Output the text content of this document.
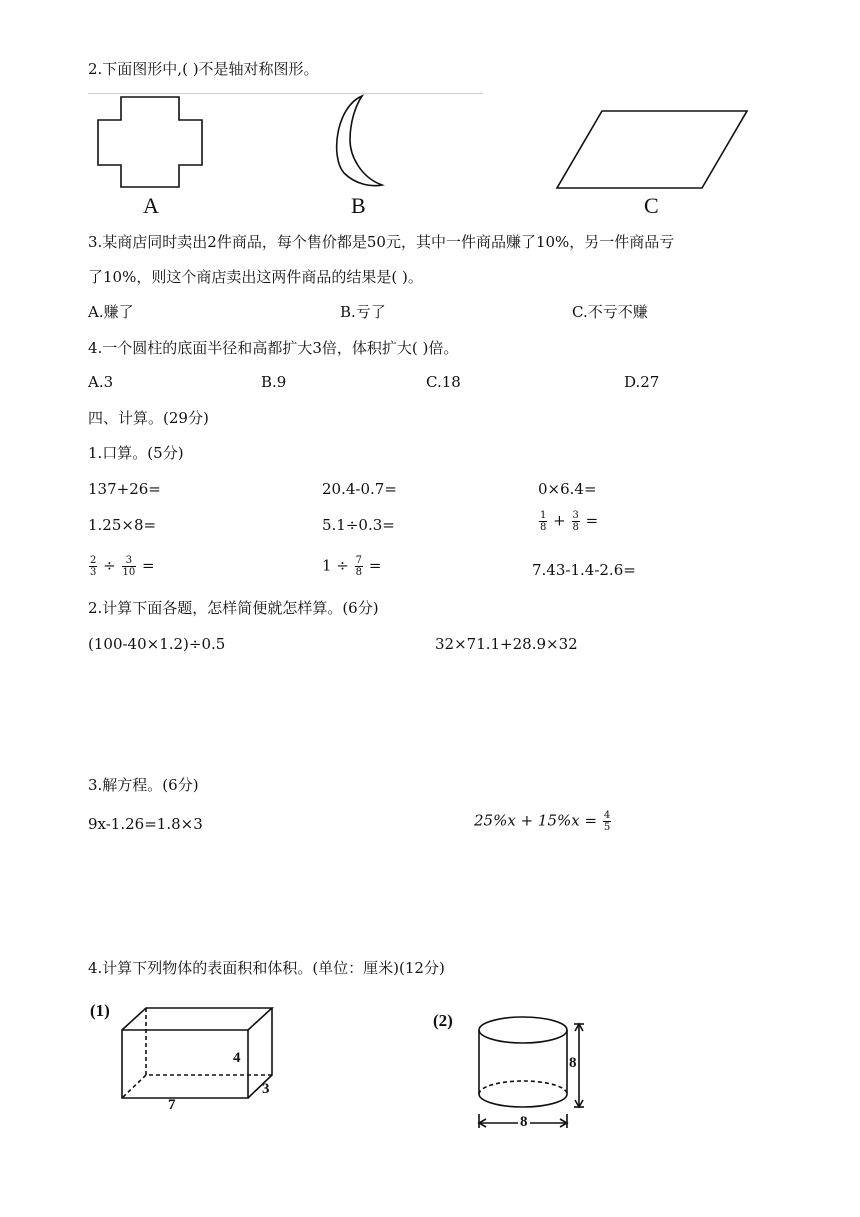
2.下面图形中,( )不是轴对称图形。
A	B	C
3.某商店同时卖出2件商品，每个售价都是50元，其中一件商品赚了10%，另一件商品亏
了10%，则这个商店卖出这两件商品的结果是( )。
A.赚了	B.亏了	C.不亏不赚
4.一个圆柱的底面半径和高都扩大3倍，体积扩大( )倍。
A.3	B.9	C.18	D.27
四、计算。(29分)
1.口算。(5分)
137+26=	20.4-0.7=	0×6.4=
1.25×8=	5.1÷0.3=	$\frac{1}{8} + \frac{3}{8}$ =
$\frac{2}{3} \div \frac{3}{10}$ =	$1 \div \frac{7}{8}$ =	7.43-1.4-2.6=
2.计算下面各题，怎样简便就怎样算。(6分)
(100-40×1.2)÷0.5	32×71.1+28.9×32
3.解方程。(6分)
9x-1.26=1.8×3	$25\%x + 15\%x = \frac{4}{5}$
4.计算下列物体的表面积和体积。(单位：厘米)(12分)
(1)
4
3
7
(2)
8
8
